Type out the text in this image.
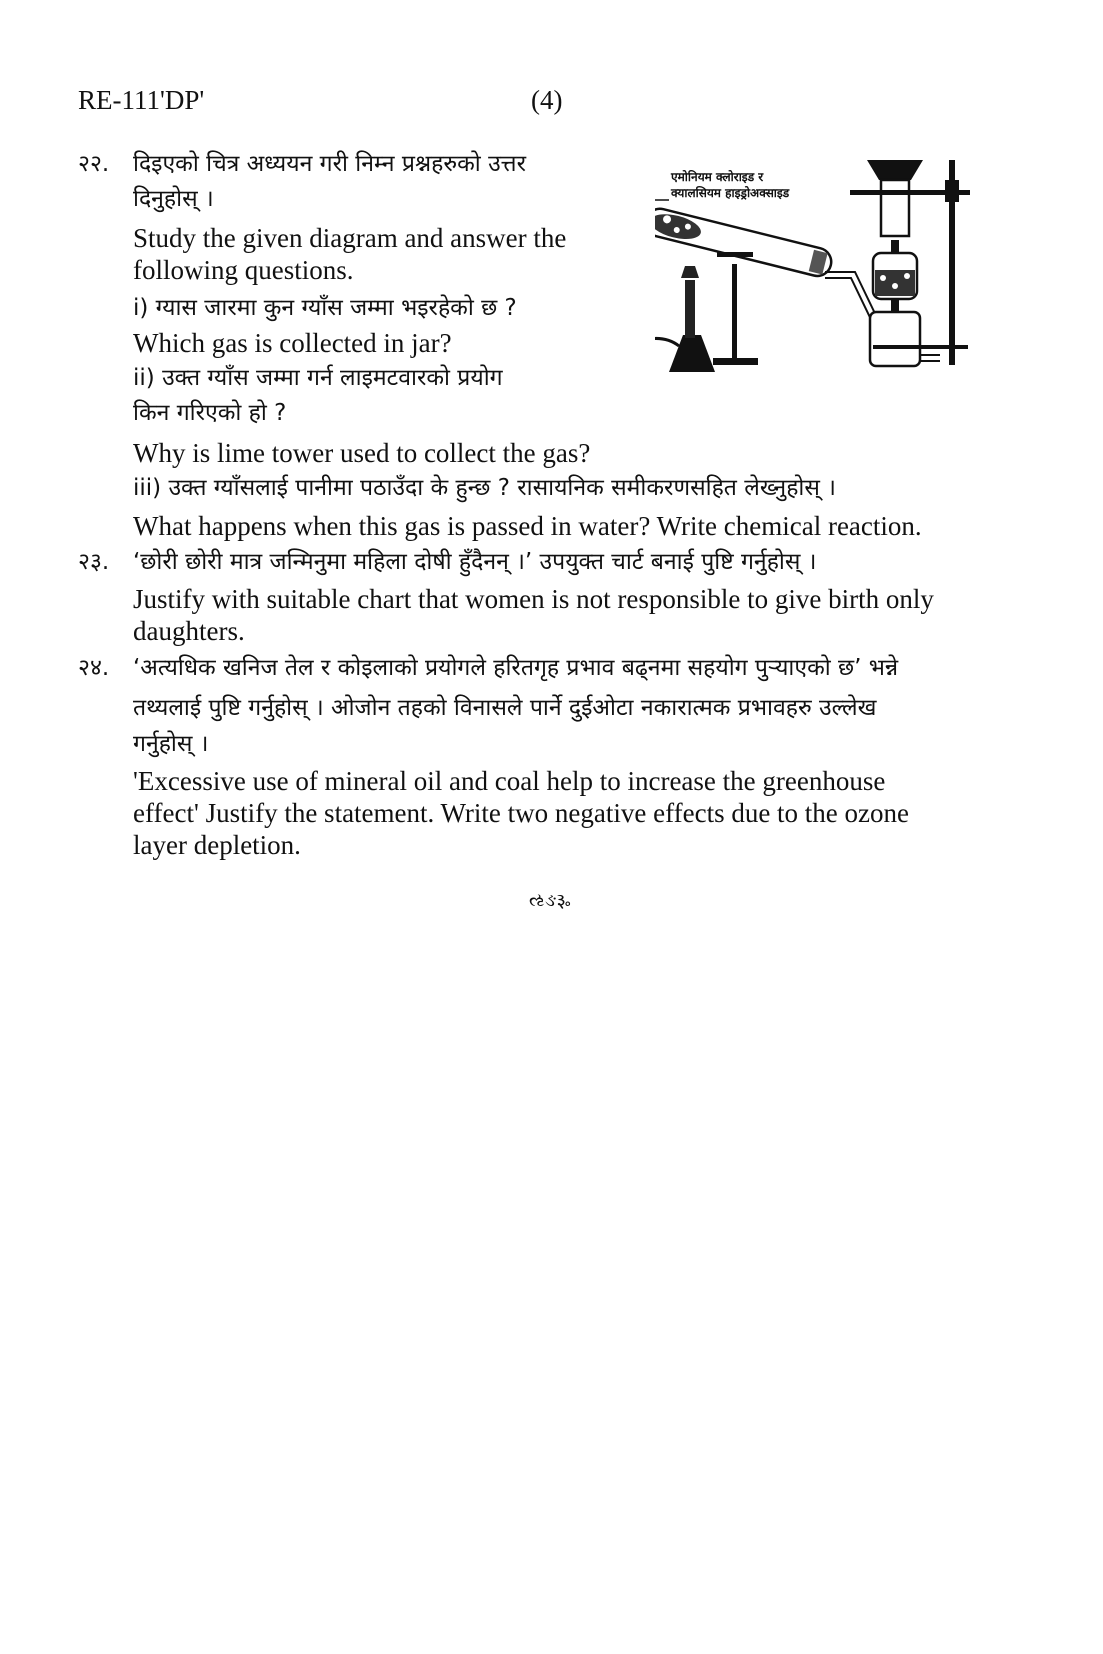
RE-111'DP'	(4)
२२. दिइएको चित्र अध्ययन गरी निम्न प्रश्नहरुको उत्तर
दिनुहोस् ।
Study the given diagram and answer the
following questions.
i) ग्यास जारमा कुन ग्याँस जम्मा भइरहेको छ ?
Which gas is collected in jar?
ii) उक्त ग्याँस जम्मा गर्न लाइमटवारको प्रयोग
किन गरिएको हो ?
Why is lime tower used to collect the gas?
iii) उक्त ग्याँसलाई पानीमा पठाउँदा के हुन्छ ? रासायनिक समीकरणसहित लेख्नुहोस् ।
What happens when this gas is passed in water? Write chemical reaction.
एमोनियम क्लोराइड र
क्यालसियम हाइड्रोअक्साइड
२३. ‘छोरी छोरी मात्र जन्मिनुमा महिला दोषी हुँदैनन् ।’ उपयुक्त चार्ट बनाई पुष्टि गर्नुहोस् ।
Justify with suitable chart that women is not responsible to give birth only
daughters.
२४. ‘अत्यधिक खनिज तेल र कोइलाको प्रयोगले हरितगृह प्रभाव बढ्नमा सहयोग पुऱ्याएको छ’ भन्ने
तथ्यलाई पुष्टि गर्नुहोस् । ओजोन तहको विनासले पार्ने दुईओटा नकारात्मक प्रभावहरु उल्लेख
गर्नुहोस् ।
'Excessive use of mineral oil and coal help to increase the greenhouse
effect' Justify the statement. Write two negative effects due to the ozone
layer depletion.
ઌઙ૱
